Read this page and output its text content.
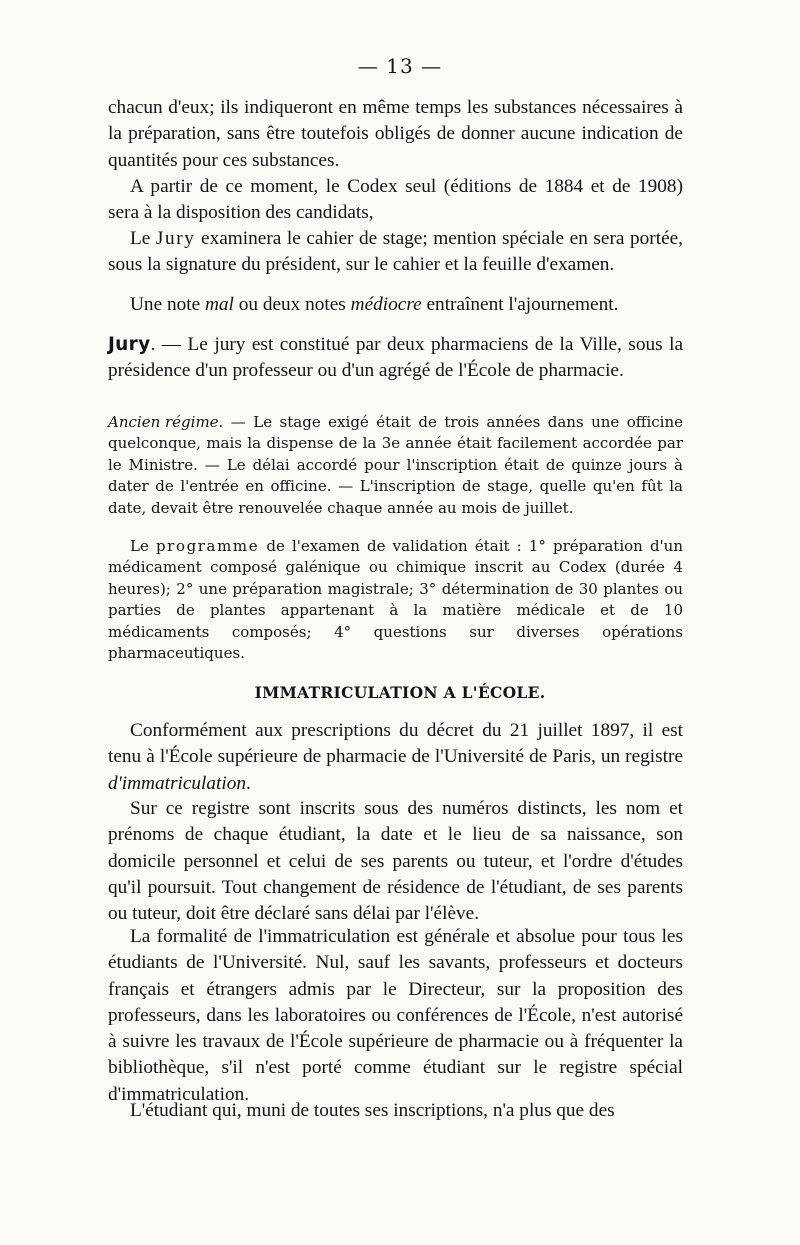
— 13 —

chacun d'eux; ils indiqueront en même temps les substances nécessaires à la préparation, sans être toutefois obligés de donner aucune indication de quantités pour ces substances.

A partir de ce moment, le Codex seul (éditions de 1884 et de 1908) sera à la disposition des candidats,

Le Jury examinera le cahier de stage; mention spéciale en sera portée, sous la signature du président, sur le cahier et la feuille d'examen.

Une note mal ou deux notes médiocre entraînent l'ajournement.

Jury. — Le jury est constitué par deux pharmaciens de la Ville, sous la présidence d'un professeur ou d'un agrégé de l'École de pharmacie.

Ancien régime. — Le stage exigé était de trois années dans une officine quelconque, mais la dispense de la 3e année était facilement accordée par le Ministre. — Le délai accordé pour l'inscription était de quinze jours à dater de l'entrée en officine. — L'inscription de stage, quelle qu'en fût la date, devait être renouvelée chaque année au mois de juillet.

Le programme de l'examen de validation était : 1° préparation d'un médicament composé galénique ou chimique inscrit au Codex (durée 4 heures); 2° une préparation magistrale; 3° détermination de 30 plantes ou parties de plantes appartenant à la matière médicale et de 10 médicaments composés; 4° questions sur diverses opérations pharmaceutiques.

IMMATRICULATION A L'ÉCOLE.

Conformément aux prescriptions du décret du 21 juillet 1897, il est tenu à l'École supérieure de pharmacie de l'Université de Paris, un registre d'immatriculation.

Sur ce registre sont inscrits sous des numéros distincts, les nom et prénoms de chaque étudiant, la date et le lieu de sa naissance, son domicile personnel et celui de ses parents ou tuteur, et l'ordre d'études qu'il poursuit. Tout changement de résidence de l'étudiant, de ses parents ou tuteur, doit être déclaré sans délai par l'élève.

La formalité de l'immatriculation est générale et absolue pour tous les étudiants de l'Université. Nul, sauf les savants, professeurs et docteurs français et étrangers admis par le Directeur, sur la proposition des professeurs, dans les laboratoires ou conférences de l'École, n'est autorisé à suivre les travaux de l'École supérieure de pharmacie ou à fréquenter la bibliothèque, s'il n'est porté comme étudiant sur le registre spécial d'immatriculation.

L'étudiant qui, muni de toutes ses inscriptions, n'a plus que des
